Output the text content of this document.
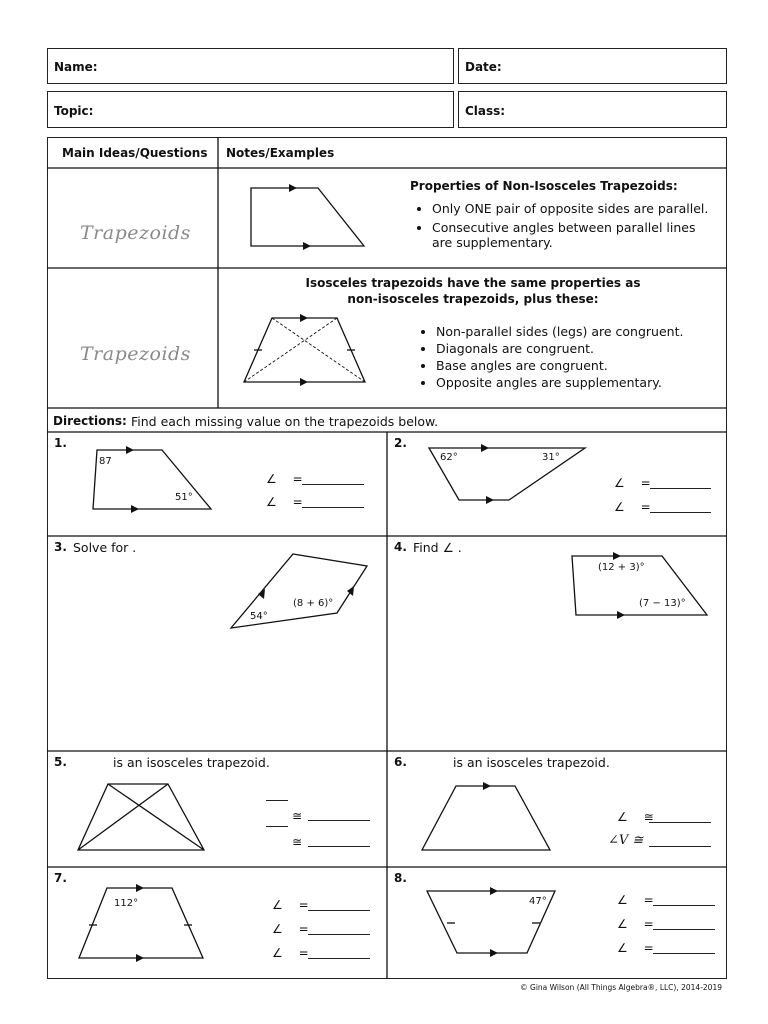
Name:	Date:
Topic:	Class:
Main Ideas/Questions Notes/Examples
Trapezoids
Properties of Non-Isosceles Trapezoids:
• Only ONE pair of opposite sides are parallel.
• Consecutive angles between parallel lines are supplementary.
Trapezoids
Isosceles trapezoids have the same properties as
non-isosceles trapezoids, plus these:
• Non-parallel sides (legs) are congruent.
• Diagonals are congruent.
• Base angles are congruent.
• Opposite angles are supplementary.
Directions: Find each missing value on the trapezoids below.
1.
87
51°
∠ =
∠ =
2.
62°	31°
∠ =
∠ =
3. Solve for .
54°
(8 + 6)°
4. Find ∠ .
(12 + 3)°
(7 − 13)°
5.	is an isosceles trapezoid.
≅
≅
6.	is an isosceles trapezoid.
∠ ≅
∠V ≅
7.
112°	∠ =
∠ =
∠ =
8.
47°	∠ =
∠ =
∠ =
© Gina Wilson (All Things Algebra®, LLC), 2014-2019
